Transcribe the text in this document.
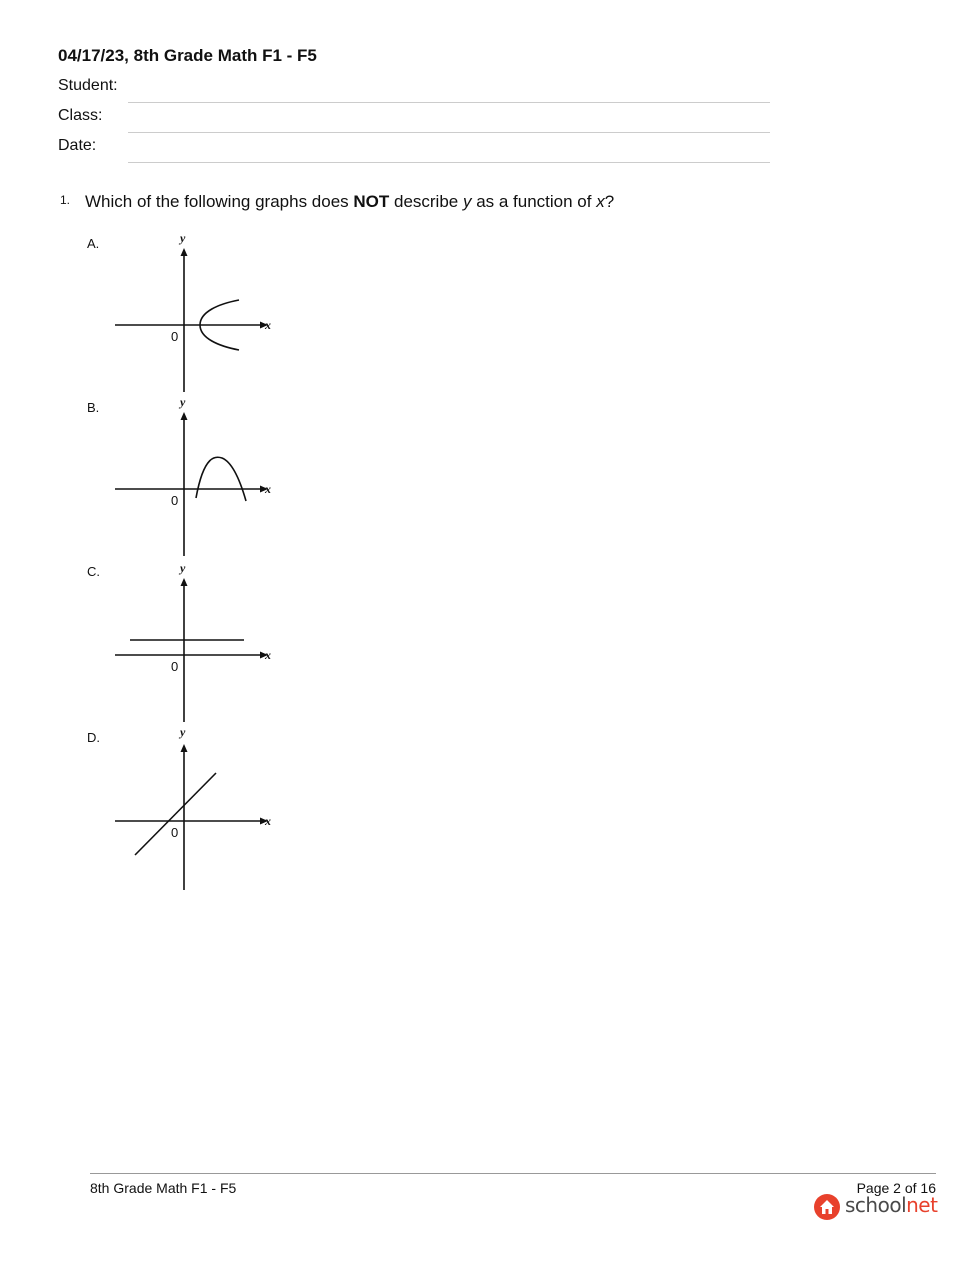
04/17/23, 8th Grade Math F1 - F5
Student:
Class:
Date:
1. Which of the following graphs does NOT describe y as a function of x?
A.
x
y
0
B.
x
y
0
C.
x
y
0
D.
x
y
0
8th Grade Math F1 - F5	Page 2 of 16
schoolnet
